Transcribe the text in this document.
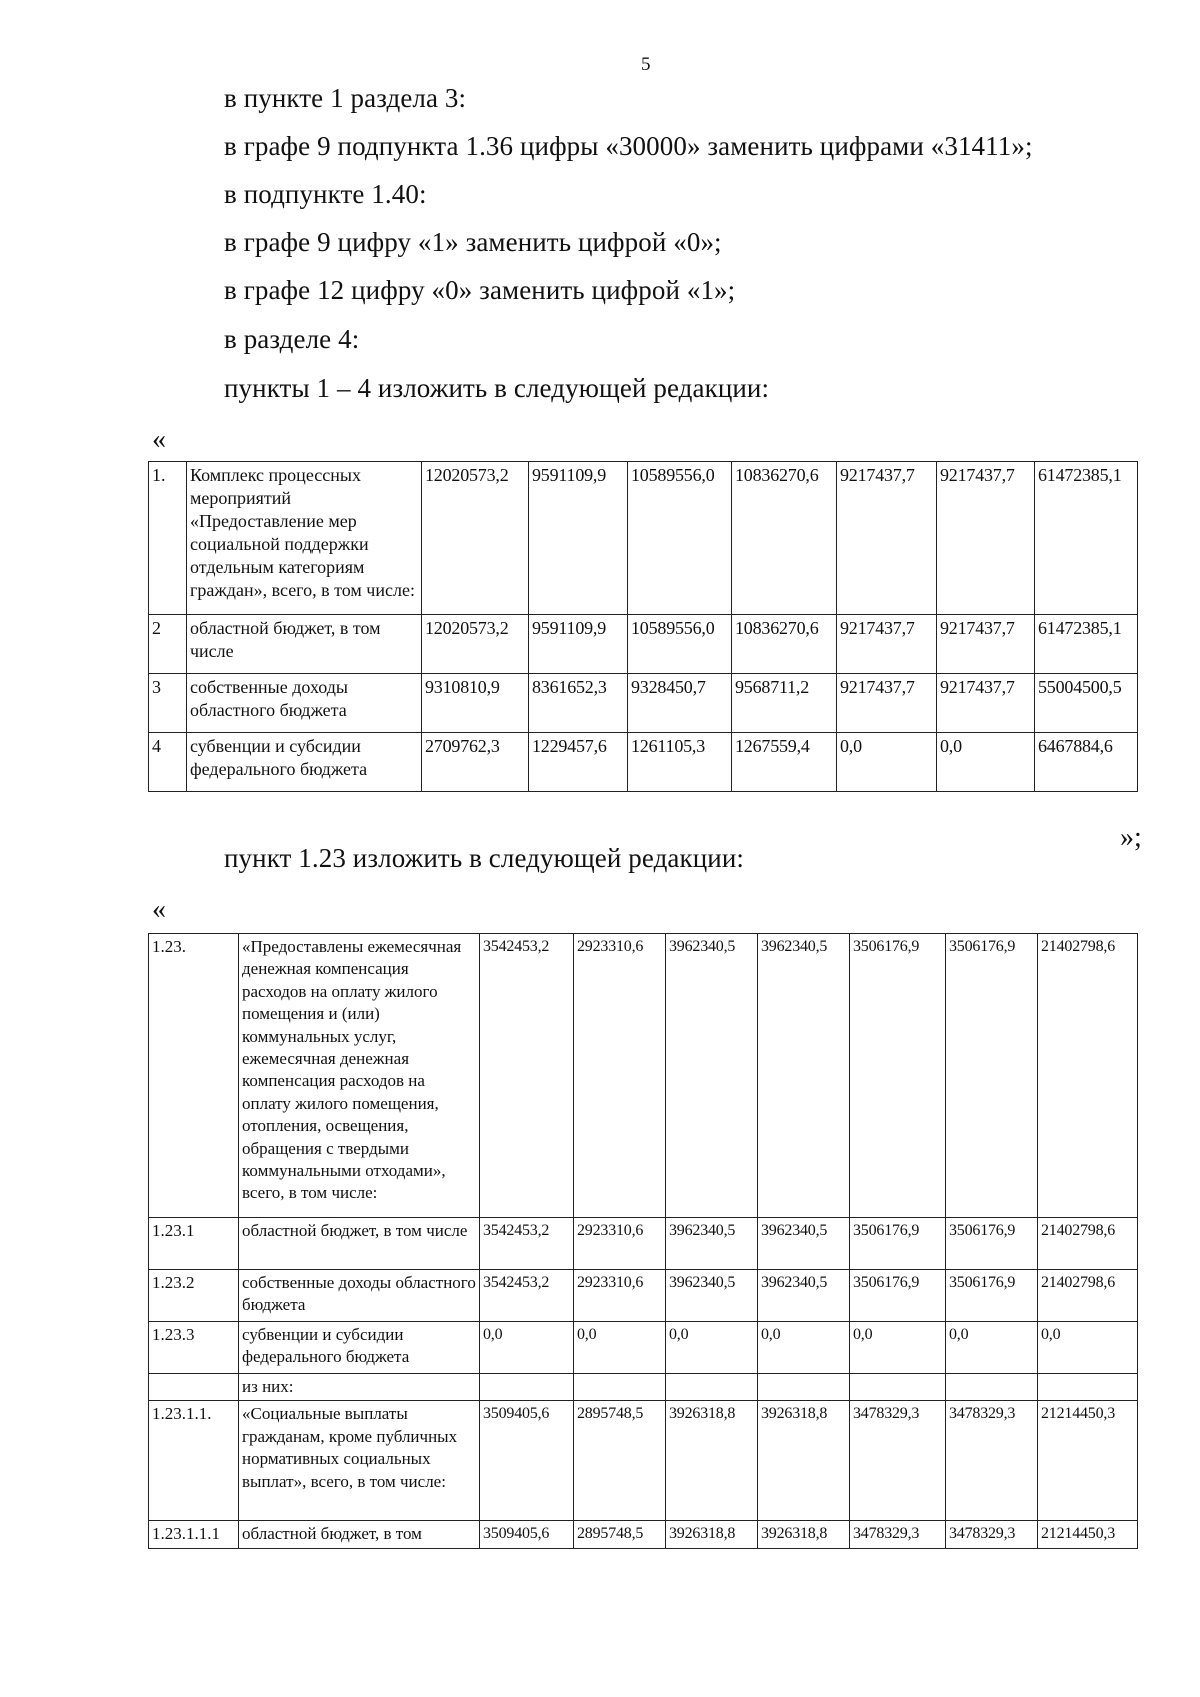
5
в пункте 1 раздела 3:
в графе 9 подпункта 1.36 цифры «30000» заменить цифрами «31411»;
в подпункте 1.40:
в графе 9 цифру «1» заменить цифрой «0»;
в графе 12 цифру «0» заменить цифрой «1»;
в разделе 4:
пункты 1 – 4 изложить в следующей редакции:
«
1.	Комплекс процессных мероприятий «Предоставление мер социальной поддержки отдельным категориям граждан», всего, в том числе:	12020573,2	9591109,9	10589556,0	10836270,6	9217437,7	9217437,7	61472385,1
2	областной бюджет, в том числе	12020573,2	9591109,9	10589556,0	10836270,6	9217437,7	9217437,7	61472385,1
3	собственные доходы областного бюджета	9310810,9	8361652,3	9328450,7	9568711,2	9217437,7	9217437,7	55004500,5
4	субвенции и субсидии федерального бюджета	2709762,3	1229457,6	1261105,3	1267559,4	0,0	0,0	6467884,6
»;
пункт 1.23 изложить в следующей редакции:
«
1.23.	«Предоставлены ежемесячная денежная компенсация расходов на оплату жилого помещения и (или) коммунальных услуг, ежемесячная денежная компенсация расходов на оплату жилого помещения, отопления, освещения, обращения с твердыми коммунальными отходами», всего, в том числе:	3542453,2	2923310,6	3962340,5	3962340,5	3506176,9	3506176,9	21402798,6
1.23.1	областной бюджет, в том числе	3542453,2	2923310,6	3962340,5	3962340,5	3506176,9	3506176,9	21402798,6
1.23.2	собственные доходы областного бюджета	3542453,2	2923310,6	3962340,5	3962340,5	3506176,9	3506176,9	21402798,6
1.23.3	субвенции и субсидии федерального бюджета	0,0	0,0	0,0	0,0	0,0	0,0	0,0
	из них:							
1.23.1.1.	«Социальные выплаты гражданам, кроме публичных нормативных социальных выплат», всего, в том числе:	3509405,6	2895748,5	3926318,8	3926318,8	3478329,3	3478329,3	21214450,3
1.23.1.1.1	областной бюджет, в том	3509405,6	2895748,5	3926318,8	3926318,8	3478329,3	3478329,3	21214450,3
